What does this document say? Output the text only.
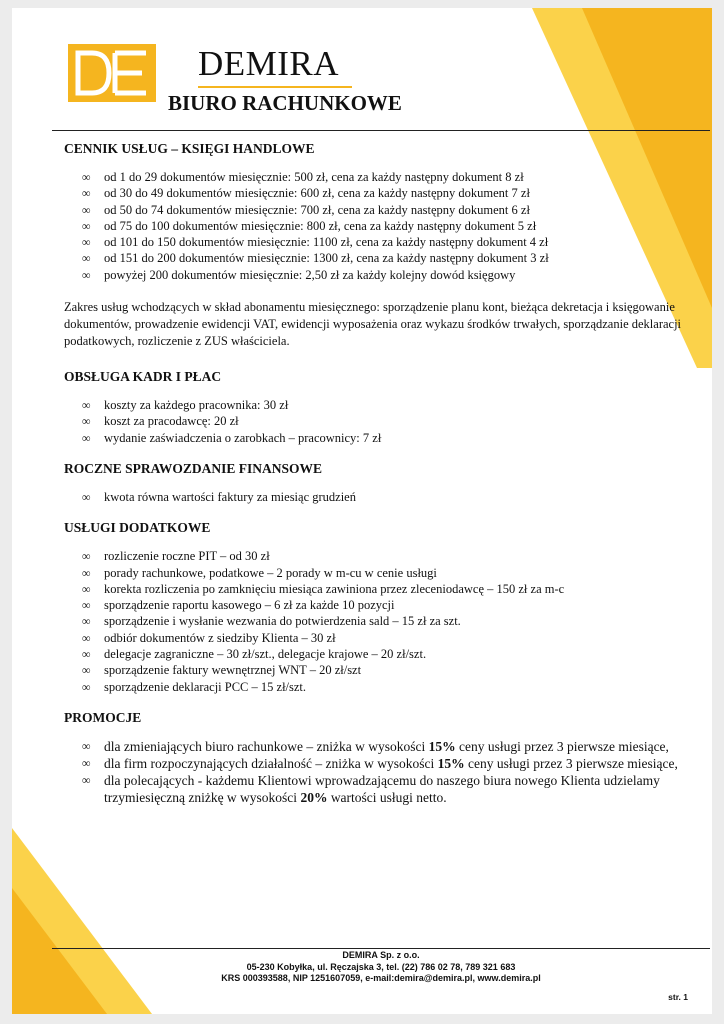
DEMIRA
BIURO RACHUNKOWE
CENNIK USŁUG – KSIĘGI HANDLOWE
∞ od 1 do 29 dokumentów miesięcznie: 500 zł, cena za każdy następny dokument 8 zł
∞ od 30 do 49 dokumentów miesięcznie: 600 zł, cena za każdy następny dokument 7 zł
∞ od 50 do 74 dokumentów miesięcznie: 700 zł, cena za każdy następny dokument 6 zł
∞ od 75 do 100 dokumentów miesięcznie: 800 zł, cena za każdy następny dokument 5 zł
∞ od 101 do 150 dokumentów miesięcznie: 1100 zł, cena za każdy następny dokument 4 zł
∞ od 151 do 200 dokumentów miesięcznie: 1300 zł, cena za każdy następny dokument 3 zł
∞ powyżej 200 dokumentów miesięcznie: 2,50 zł za każdy kolejny dowód księgowy

Zakres usług wchodzących w skład abonamentu miesięcznego: sporządzenie planu kont, bieżąca dekretacja i księgowanie dokumentów, prowadzenie ewidencji VAT, ewidencji wyposażenia oraz wykazu środków trwałych, sporządzanie deklaracji podatkowych, rozliczenie z ZUS właściciela.

OBSŁUGA KADR I PŁAC
∞ koszty za każdego pracownika: 30 zł
∞ koszt za pracodawcę: 20 zł
∞ wydanie zaświadczenia o zarobkach – pracownicy: 7 zł
ROCZNE SPRAWOZDANIE FINANSOWE
∞ kwota równa wartości faktury za miesiąc grudzień
USŁUGI DODATKOWE
∞ rozliczenie roczne PIT – od 30 zł
∞ porady rachunkowe, podatkowe – 2 porady w m-cu w cenie usługi
∞ korekta rozliczenia po zamknięciu miesiąca zawiniona przez zleceniodawcę – 150 zł za m-c
∞ sporządzenie raportu kasowego – 6 zł za każde 10 pozycji
∞ sporządzenie i wysłanie wezwania do potwierdzenia sald – 15 zł za szt.
∞ odbiór dokumentów z siedziby Klienta – 30 zł
∞ delegacje zagraniczne – 30 zł/szt., delegacje krajowe – 20 zł/szt.
∞ sporządzenie faktury wewnętrznej WNT – 20 zł/szt
∞ sporządzenie deklaracji PCC – 15 zł/szt.
PROMOCJE
∞ dla zmieniających biuro rachunkowe – zniżka w wysokości 15% ceny usługi przez 3 pierwsze miesiące,
∞ dla firm rozpoczynających działalność – zniżka w wysokości 15% ceny usługi przez 3 pierwsze miesiące,
∞ dla polecających - każdemu Klientowi wprowadzającemu do naszego biura nowego Klienta udzielamy trzymiesięczną zniżkę w wysokości 20% wartości usługi netto.
DEMIRA Sp. z o.o.
05-230 Kobyłka, ul. Ręczajska 3, tel. (22) 786 02 78, 789 321 683
KRS 000393588, NIP 1251607059, e-mail:demira@demira.pl, www.demira.pl
str. 1
